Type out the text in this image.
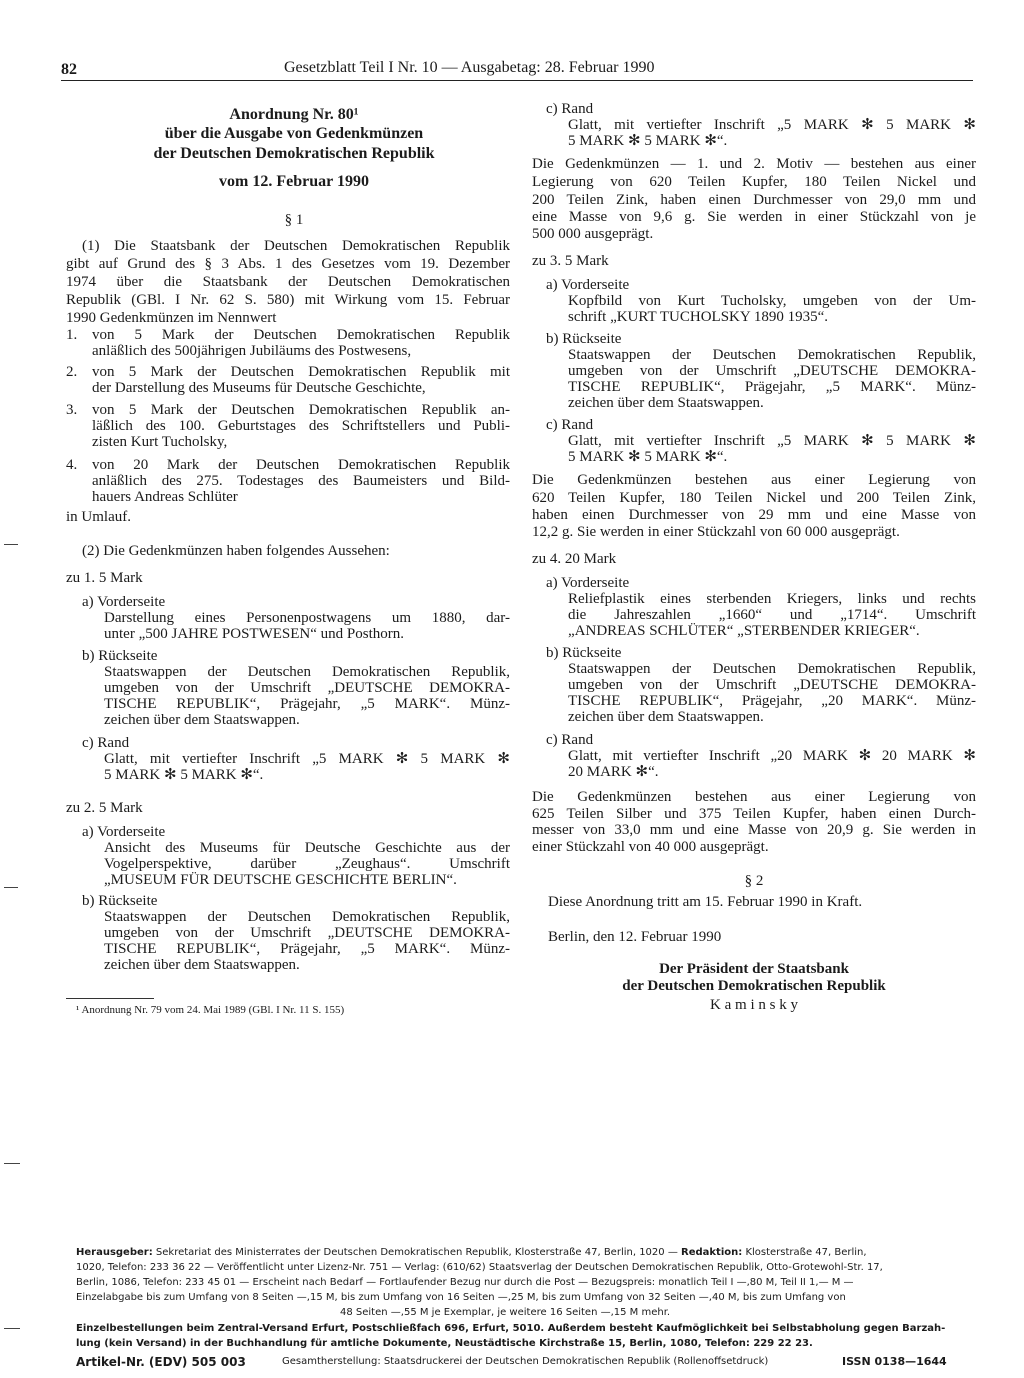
82	Gesetzblatt Teil I Nr. 10 — Ausgabetag: 28. Februar 1990
Anordnung Nr. 80¹
über die Ausgabe von Gedenkmünzen
der Deutschen Demokratischen Republik
vom 12. Februar 1990
§ 1
(1) Die Staatsbank der Deutschen Demokratischen Republik
gibt auf Grund des § 3 Abs. 1 des Gesetzes vom 19. Dezember
1974 über die Staatsbank der Deutschen Demokratischen
Republik (GBl. I Nr. 62 S. 580) mit Wirkung vom 15. Februar
1990 Gedenkmünzen im Nennwert
1. von 5 Mark der Deutschen Demokratischen Republik
anläßlich des 500jährigen Jubiläums des Postwesens,
2. von 5 Mark der Deutschen Demokratischen Republik mit
der Darstellung des Museums für Deutsche Geschichte,
3. von 5 Mark der Deutschen Demokratischen Republik an-
läßlich des 100. Geburtstages des Schriftstellers und Publi-
zisten Kurt Tucholsky,
4. von 20 Mark der Deutschen Demokratischen Republik
anläßlich des 275. Todestages des Baumeisters und Bild-
hauers Andreas Schlüter
in Umlauf.
(2) Die Gedenkmünzen haben folgendes Aussehen:
zu 1. 5 Mark
a) Vorderseite
Darstellung eines Personenpostwagens um 1880, dar-
unter „500 JAHRE POSTWESEN“ und Posthorn.
b) Rückseite
Staatswappen der Deutschen Demokratischen Republik,
umgeben von der Umschrift „DEUTSCHE DEMOKRA-
TISCHE REPUBLIK“, Prägejahr, „5 MARK“. Münz-
zeichen über dem Staatswappen.
c) Rand
Glatt, mit vertiefter Inschrift „5 MARK ✻ 5 MARK ✻
5 MARK ✻ 5 MARK ✻“.
zu 2. 5 Mark
a) Vorderseite
Ansicht des Museums für Deutsche Geschichte aus der
Vogelperspektive, darüber „Zeughaus“. Umschrift
„MUSEUM FÜR DEUTSCHE GESCHICHTE BERLIN“.
b) Rückseite
Staatswappen der Deutschen Demokratischen Republik,
umgeben von der Umschrift „DEUTSCHE DEMOKRA-
TISCHE REPUBLIK“, Prägejahr, „5 MARK“. Münz-
zeichen über dem Staatswappen.
¹ Anordnung Nr. 79 vom 24. Mai 1989 (GBl. I Nr. 11 S. 155)
c) Rand
Glatt, mit vertiefter Inschrift „5 MARK ✻ 5 MARK ✻
5 MARK ✻ 5 MARK ✻“.
Die Gedenkmünzen — 1. und 2. Motiv — bestehen aus einer
Legierung von 620 Teilen Kupfer, 180 Teilen Nickel und
200 Teilen Zink, haben einen Durchmesser von 29,0 mm und
eine Masse von 9,6 g. Sie werden in einer Stückzahl von je
500 000 ausgeprägt.
zu 3. 5 Mark
a) Vorderseite
Kopfbild von Kurt Tucholsky, umgeben von der Um-
schrift „KURT TUCHOLSKY 1890 1935“.
b) Rückseite
Staatswappen der Deutschen Demokratischen Republik,
umgeben von der Umschrift „DEUTSCHE DEMOKRA-
TISCHE REPUBLIK“, Prägejahr, „5 MARK“. Münz-
zeichen über dem Staatswappen.
c) Rand
Glatt, mit vertiefter Inschrift „5 MARK ✻ 5 MARK ✻
5 MARK ✻ 5 MARK ✻“.
Die Gedenkmünzen bestehen aus einer Legierung von
620 Teilen Kupfer, 180 Teilen Nickel und 200 Teilen Zink,
haben einen Durchmesser von 29 mm und eine Masse von
12,2 g. Sie werden in einer Stückzahl von 60 000 ausgeprägt.
zu 4. 20 Mark
a) Vorderseite
Reliefplastik eines sterbenden Kriegers, links und rechts
die Jahreszahlen „1660“ und „1714“. Umschrift
„ANDREAS SCHLÜTER“ „STERBENDER KRIEGER“.
b) Rückseite
Staatswappen der Deutschen Demokratischen Republik,
umgeben von der Umschrift „DEUTSCHE DEMOKRA-
TISCHE REPUBLIK“, Prägejahr, „20 MARK“. Münz-
zeichen über dem Staatswappen.
c) Rand
Glatt, mit vertiefter Inschrift „20 MARK ✻ 20 MARK ✻
20 MARK ✻“.
Die Gedenkmünzen bestehen aus einer Legierung von
625 Teilen Silber und 375 Teilen Kupfer, haben einen Durch-
messer von 33,0 mm und eine Masse von 20,9 g. Sie werden in
einer Stückzahl von 40 000 ausgeprägt.
§ 2
Diese Anordnung tritt am 15. Februar 1990 in Kraft.
Berlin, den 12. Februar 1990
Der Präsident der Staatsbank
der Deutschen Demokratischen Republik
K a m i n s k y
Herausgeber: Sekretariat des Ministerrates der Deutschen Demokratischen Republik, Klosterstraße 47, Berlin, 1020 — Redaktion: Klosterstraße 47, Berlin,
1020, Telefon: 233 36 22 — Veröffentlicht unter Lizenz-Nr. 751 — Verlag: (610/62) Staatsverlag der Deutschen Demokratischen Republik, Otto-Grotewohl-Str. 17,
Berlin, 1086, Telefon: 233 45 01 — Erscheint nach Bedarf — Fortlaufender Bezug nur durch die Post — Bezugspreis: monatlich Teil I —,80 M, Teil II 1,— M —
Einzelabgabe bis zum Umfang von 8 Seiten —,15 M, bis zum Umfang von 16 Seiten —,25 M, bis zum Umfang von 32 Seiten —,40 M, bis zum Umfang von
48 Seiten —,55 M je Exemplar, je weitere 16 Seiten —,15 M mehr.
Einzelbestellungen beim Zentral-Versand Erfurt, Postschließfach 696, Erfurt, 5010. Außerdem besteht Kaufmöglichkeit bei Selbstabholung gegen Barzah-
lung (kein Versand) in der Buchhandlung für amtliche Dokumente, Neustädtische Kirchstraße 15, Berlin, 1080, Telefon: 229 22 23.
Artikel-Nr. (EDV) 505 003	Gesamtherstellung: Staatsdruckerei der Deutschen Demokratischen Republik (Rollenoffsetdruck)	ISSN 0138—1644
